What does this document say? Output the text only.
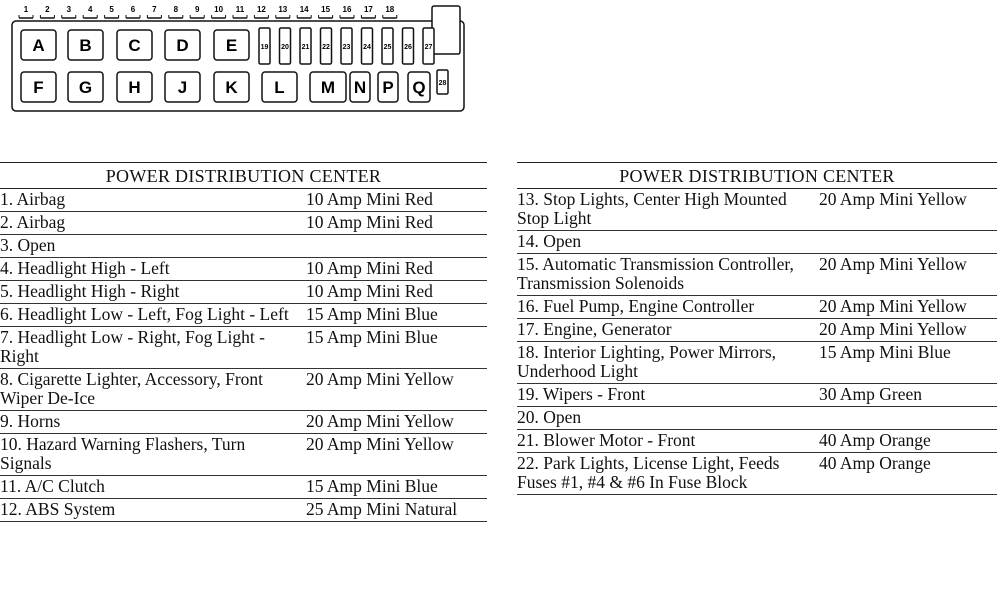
1 2 3 4 5 6 7 8 9 10 11 12 13 14 15 16 17 18
A B C D E	19 20 21 22 23 24 25 26 27
F G H J K L M N P Q 28
POWER DISTRIBUTION CENTER	
1. Airbag	10 Amp Mini Red
2. Airbag	10 Amp Mini Red
3. Open	
4. Headlight High - Left	10 Amp Mini Red
5. Headlight High - Right	10 Amp Mini Red
6. Headlight Low - Left, Fog Light - Left	15 Amp Mini Blue
7. Headlight Low - Right, Fog Light - Right	15 Amp Mini Blue
8. Cigarette Lighter, Accessory, Front Wiper De-Ice	20 Amp Mini Yellow
9. Horns	20 Amp Mini Yellow
10. Hazard Warning Flashers, Turn Signals	20 Amp Mini Yellow
11. A/C Clutch	15 Amp Mini Blue
12. ABS System	25 Amp Mini Natural
POWER DISTRIBUTION CENTER	
13. Stop Lights, Center High Mounted Stop Light	20 Amp Mini Yellow
14. Open	
15. Automatic Transmission Controller, Transmission Solenoids	20 Amp Mini Yellow
16. Fuel Pump, Engine Controller	20 Amp Mini Yellow
17. Engine, Generator	20 Amp Mini Yellow
18. Interior Lighting, Power Mirrors, Underhood Light	15 Amp Mini Blue
19. Wipers - Front	30 Amp Green
20. Open	
21. Blower Motor - Front	40 Amp Orange
22. Park Lights, License Light, Feeds Fuses #1, #4 & #6 In Fuse Block	40 Amp Orange
